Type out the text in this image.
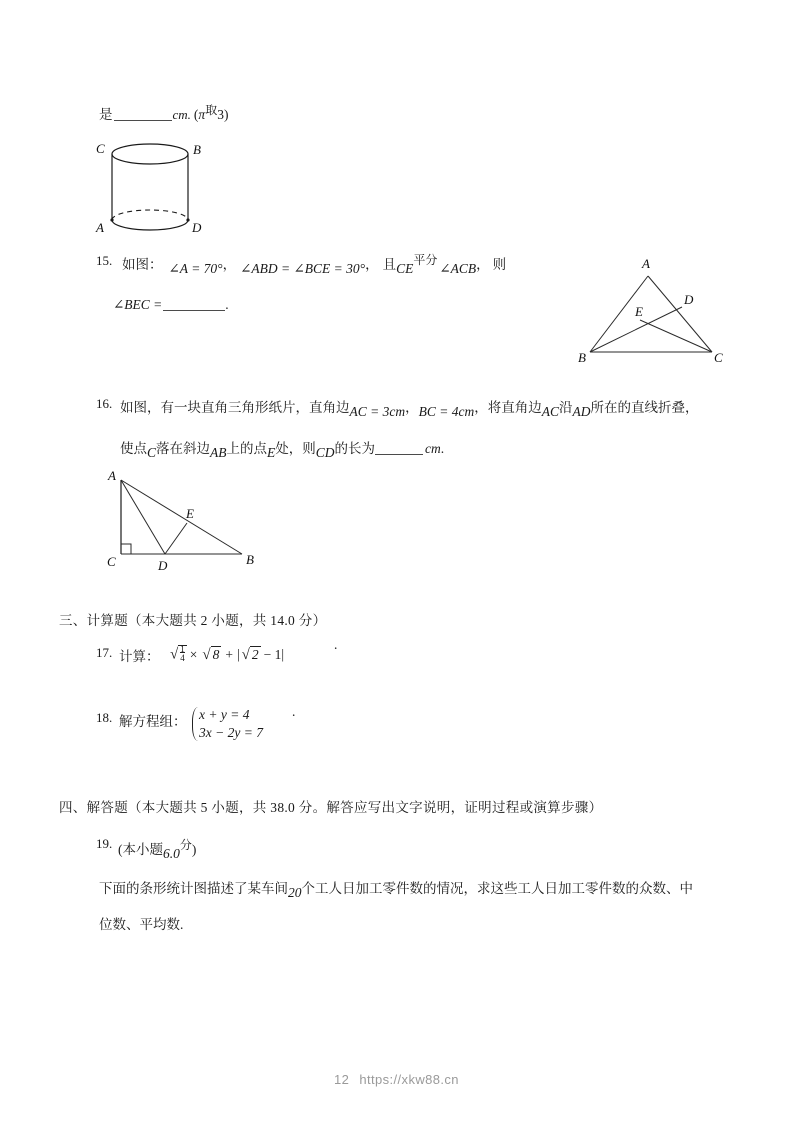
是	cm. (π取3)
C	B
A	D
15. 如图： ∠A = 70°， ∠ABD = ∠BCE = 30°， 且CE平分∠ACB， 则
∠BEC =	.
A
B	C
D
E
16. 如图，有一块直角三角形纸片，直角边AC = 3cm，BC = 4cm，将直角边AC沿AD所在的直线折叠，
使点C落在斜边AB上的点E处，则CD的长为	cm.
A
C	D	B
E
三、计算题（本大题共 2 小题，共 14.0 分）
17. 计算： √ $\frac{1}{4}$ × √ 8 + | √ 2 − 1|
.
18. 解方程组： x + y = 4
3x − 2y = 7
.
四、解答题（本大题共 5 小题，共 38.0 分。解答应写出文字说明，证明过程或演算步骤）
19. (本小题6.0分)
下面的条形统计图描述了某车间20个工人日加工零件数的情况，求这些工人日加工零件数的众数、中
位数、平均数.
12 https://xkw88.cn
